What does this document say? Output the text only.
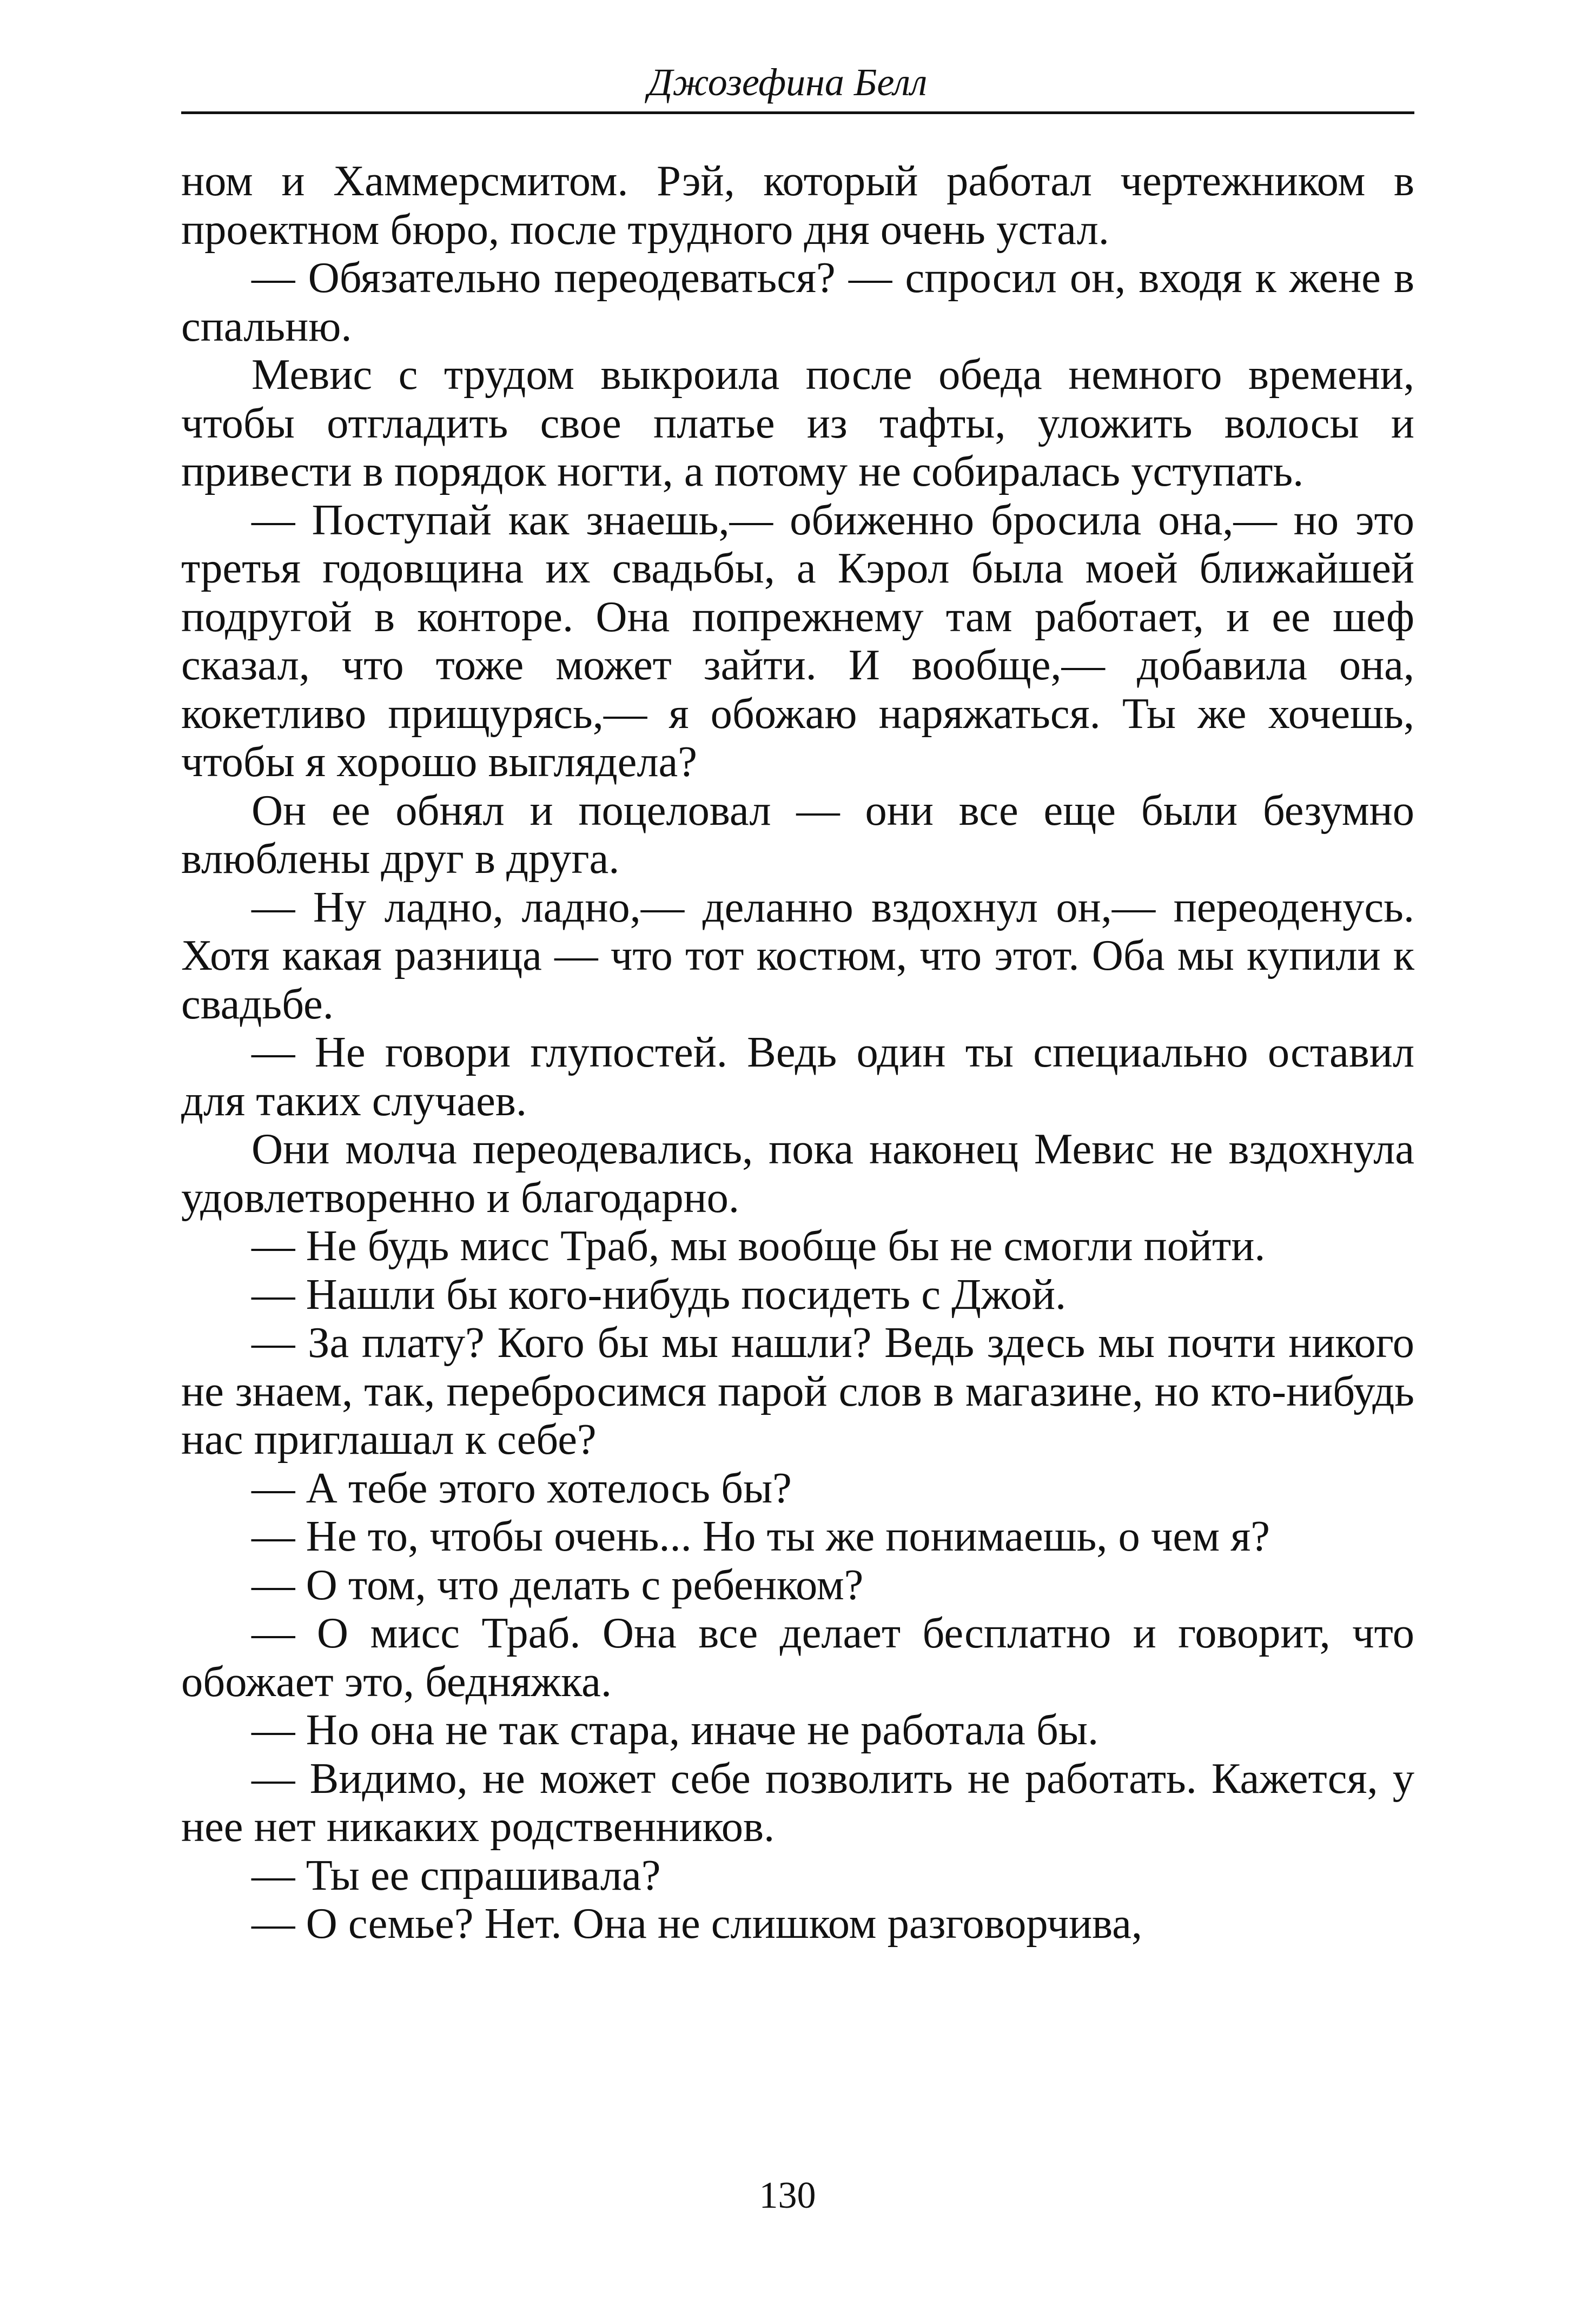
Джозефина Белл

ном и Хаммерсмитом. Рэй, который работал чертежником в проектном бюро, после трудного дня очень устал.

— Обязательно переодеваться? — спросил он, входя к жене в спальню.

Мевис с трудом выкроила после обеда немного времени, чтобы отгладить свое платье из тафты, уложить волосы и привести в порядок ногти, а потому не собиралась уступать.

— Поступай как знаешь,— обиженно бросила она,— но это третья годовщина их свадьбы, а Кэрол была моей ближайшей подругой в конторе. Она попрежнему там работает, и ее шеф сказал, что тоже может зайти. И вообще,— добавила она, кокетливо прищурясь,— я обожаю наряжаться. Ты же хочешь, чтобы я хорошо выглядела?

Он ее обнял и поцеловал — они все еще были безумно влюблены друг в друга.

— Ну ладно, ладно,— деланно вздохнул он,— переоденусь. Хотя какая разница — что тот костюм, что этот. Оба мы купили к свадьбе.

— Не говори глупостей. Ведь один ты специально оставил для таких случаев.

Они молча переодевались, пока наконец Мевис не вздохнула удовлетворенно и благодарно.

— Не будь мисс Траб, мы вообще бы не смогли пойти.

— Нашли бы кого-нибудь посидеть с Джой.

— За плату? Кого бы мы нашли? Ведь здесь мы почти никого не знаем, так, перебросимся парой слов в магазине, но кто-нибудь нас приглашал к себе?

— А тебе этого хотелось бы?

— Не то, чтобы очень... Но ты же понимаешь, о чем я?

— О том, что делать с ребенком?

— О мисс Траб. Она все делает бесплатно и говорит, что обожает это, бедняжка.

— Но она не так стара, иначе не работала бы.

— Видимо, не может себе позволить не работать. Кажется, у нее нет никаких родственников.

— Ты ее спрашивала?

— О семье? Нет. Она не слишком разговорчива,

130
